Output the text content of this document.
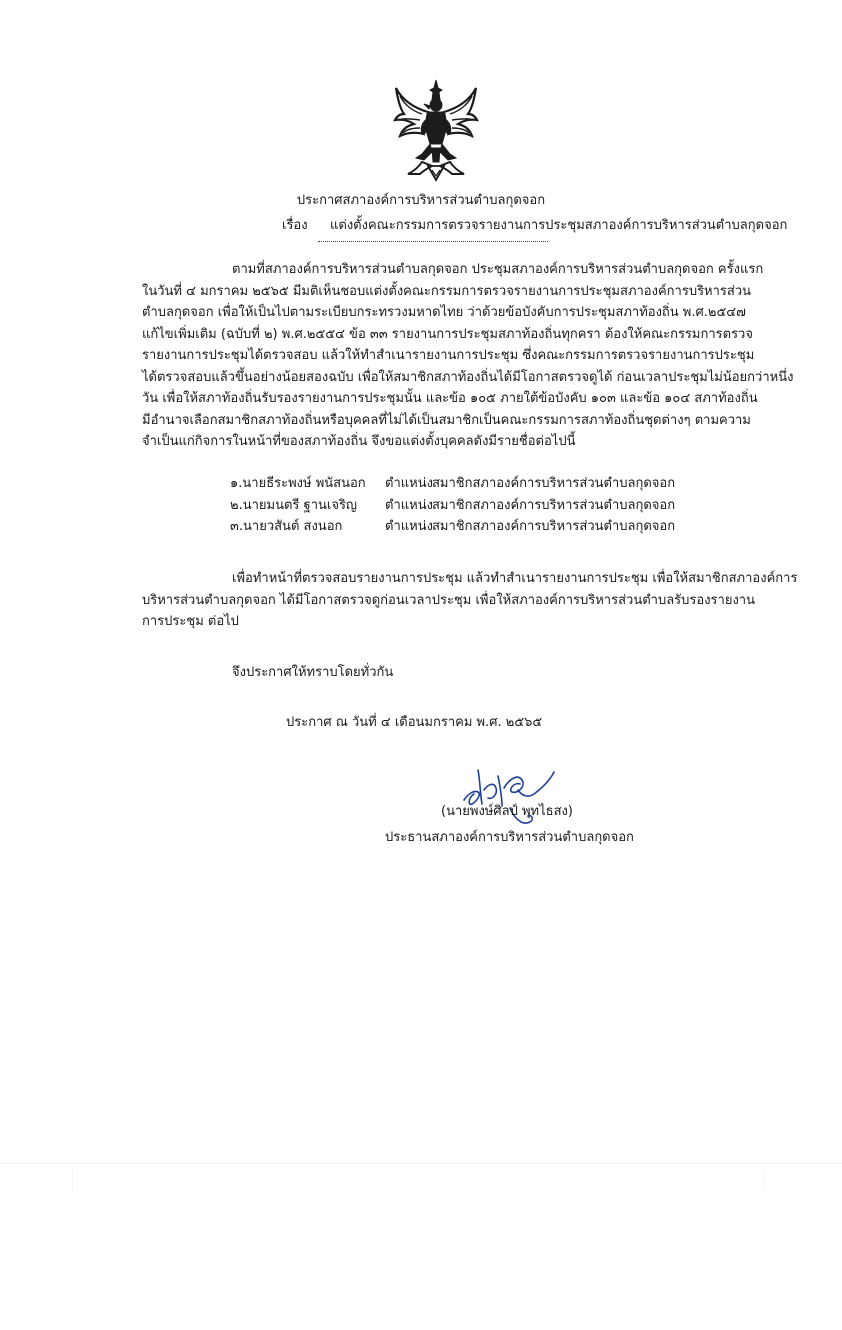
ประกาศสภาองค์การบริหารส่วนตำบลกุดจอก
เรื่อง แต่งตั้งคณะกรรมการตรวจรายงานการประชุมสภาองค์การบริหารส่วนตำบลกุดจอก
ตามที่สภาองค์การบริหารส่วนตำบลกุดจอก ประชุมสภาองค์การบริหารส่วนตำบลกุดจอก ครั้งแรก
ในวันที่ ๔ มกราคม ๒๕๖๕ มีมติเห็นชอบแต่งตั้งคณะกรรมการตรวจรายงานการประชุมสภาองค์การบริหารส่วน
ตำบลกุดจอก เพื่อให้เป็นไปตามระเบียบกระทรวงมหาดไทย ว่าด้วยข้อบังคับการประชุมสภาท้องถิ่น พ.ศ.๒๕๔๗
แก้ไขเพิ่มเติม (ฉบับที่ ๒) พ.ศ.๒๕๕๔ ข้อ ๓๓ รายงานการประชุมสภาท้องถิ่นทุกครา ต้องให้คณะกรรมการตรวจ
รายงานการประชุมได้ตรวจสอบ แล้วให้ทำสำเนารายงานการประชุม ซึ่งคณะกรรมการตรวจรายงานการประชุม
ได้ตรวจสอบแล้วขึ้นอย่างน้อยสองฉบับ เพื่อให้สมาชิกสภาท้องถิ่นได้มีโอกาสตรวจดูได้ ก่อนเวลาประชุมไม่น้อยกว่าหนึ่ง
วัน เพื่อให้สภาท้องถิ่นรับรองรายงานการประชุมนั้น และข้อ ๑๐๕ ภายใต้ข้อบังคับ ๑๐๓ และข้อ ๑๐๔ สภาท้องถิ่น
มีอำนาจเลือกสมาชิกสภาท้องถิ่นหรือบุคคลที่ไม่ได้เป็นสมาชิกเป็นคณะกรรมการสภาท้องถิ่นชุดต่างๆ ตามความ
จำเป็นแก่กิจการในหน้าที่ของสภาท้องถิ่น จึงขอแต่งตั้งบุคคลดังมีรายชื่อต่อไปนี้
๑.นายธีระพงษ์ พนัสนอก ตำแหน่ง สมาชิกสภาองค์การบริหารส่วนตำบลกุดจอก
๒.นายมนตรี ฐานเจริญ ตำแหน่ง สมาชิกสภาองค์การบริหารส่วนตำบลกุดจอก
๓.นายวสันต์ สงนอก	ตำแหน่ง สมาชิกสภาองค์การบริหารส่วนตำบลกุดจอก
เพื่อทำหน้าที่ตรวจสอบรายงานการประชุม แล้วทำสำเนารายงานการประชุม เพื่อให้สมาชิกสภาองค์การ
บริหารส่วนตำบลกุดจอก ได้มีโอกาสตรวจดูก่อนเวลาประชุม เพื่อให้สภาองค์การบริหารส่วนตำบลรับรองรายงาน
การประชุม ต่อไป
จึงประกาศให้ทราบโดยทั่วกัน
ประกาศ ณ วันที่ ๔ เดือนมกราคม พ.ศ. ๒๕๖๕
(นายพงษ์ศิลป์ พุทไธสง)
ประธานสภาองค์การบริหารส่วนตำบลกุดจอก
